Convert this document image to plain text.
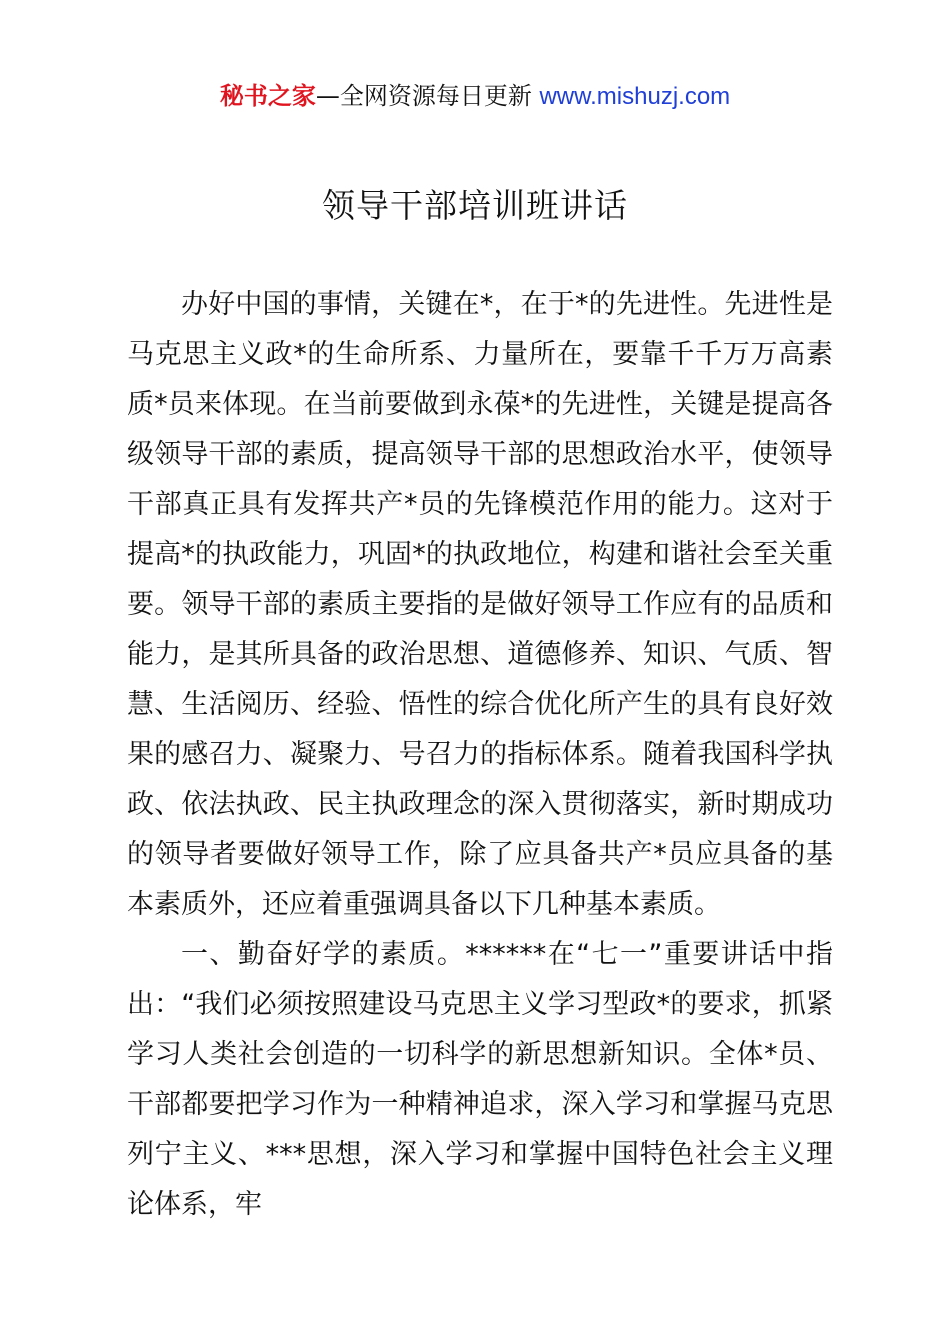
秘书之家—全网资源每日更新 www.mishuzj.com
领导干部培训班讲话

办好中国的事情，关键在*，在于*的先进性。先进性是马克思主义政*的生命所系、力量所在，要靠千千万万高素质*员来体现。在当前要做到永葆*的先进性，关键是提高各级领导干部的素质，提高领导干部的思想政治水平，使领导干部真正具有发挥共产*员的先锋模范作用的能力。这对于提高*的执政能力，巩固*的执政地位，构建和谐社会至关重要。领导干部的素质主要指的是做好领导工作应有的品质和能力，是其所具备的政治思想、道德修养、知识、气质、智慧、生活阅历、经验、悟性的综合优化所产生的具有良好效果的感召力、凝聚力、号召力的指标体系。随着我国科学执政、依法执政、民主执政理念的深入贯彻落实，新时期成功的领导者要做好领导工作，除了应具备共产*员应具备的基本素质外，还应着重强调具备以下几种基本素质。

一、勤奋好学的素质。******在“七一”重要讲话中指出：“我们必须按照建设马克思主义学习型政*的要求，抓紧学习人类社会创造的一切科学的新思想新知识。全体*员、干部都要把学习作为一种精神追求，深入学习和掌握马克思列宁主义、***思想，深入学习和掌握中国特色社会主义理论体系，牢
